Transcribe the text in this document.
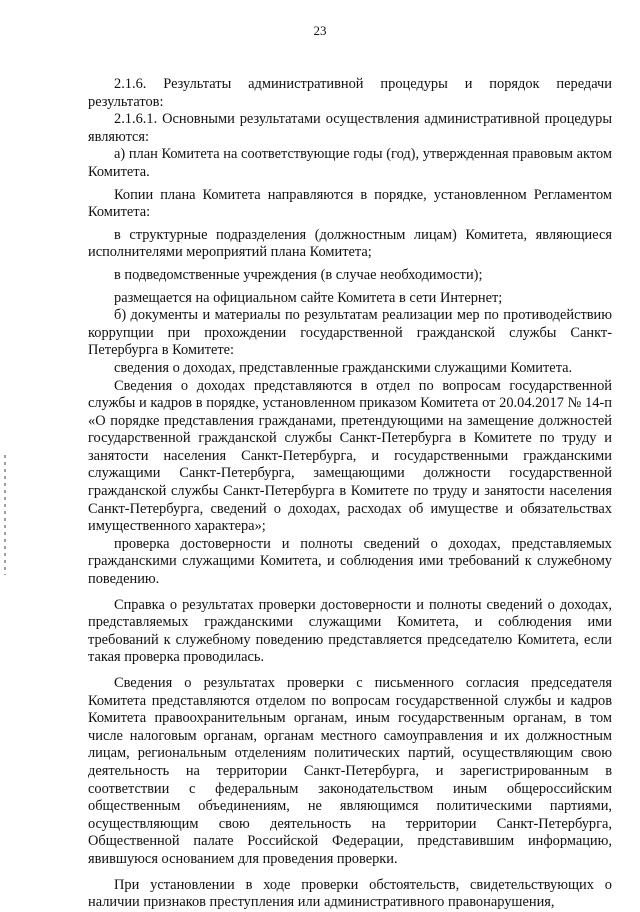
23

2.1.6. Результаты административной процедуры и порядок передачи результатов:

2.1.6.1. Основными результатами осуществления административной процедуры являются:

а) план Комитета на соответствующие годы (год), утвержденная правовым актом Комитета.

Копии плана Комитета направляются в порядке, установленном Регламентом Комитета:

в структурные подразделения (должностным лицам) Комитета, являющиеся исполнителями мероприятий плана Комитета;

в подведомственные учреждения (в случае необходимости);

размещается на официальном сайте Комитета в сети Интернет;

б) документы и материалы по результатам реализации мер по противодействию коррупции при прохождении государственной гражданской службы Санкт-Петербурга в Комитете:

сведения о доходах, представленные гражданскими служащими Комитета.

Сведения о доходах представляются в отдел по вопросам государственной службы и кадров в порядке, установленном приказом Комитета от 20.04.2017 № 14-п «О порядке представления гражданами, претендующими на замещение должностей государственной гражданской службы Санкт-Петербурга в Комитете по труду и занятости населения Санкт-Петербурга, и государственными гражданскими служащими Санкт-Петербурга, замещающими должности государственной гражданской службы Санкт-Петербурга в Комитете по труду и занятости населения Санкт-Петербурга, сведений о доходах, расходах об имуществе и обязательствах имущественного характера»;

проверка достоверности и полноты сведений о доходах, представляемых гражданскими служащими Комитета, и соблюдения ими требований к служебному поведению.

Справка о результатах проверки достоверности и полноты сведений о доходах, представляемых гражданскими служащими Комитета, и соблюдения ими требований к служебному поведению представляется председателю Комитета, если такая проверка проводилась.

Сведения о результатах проверки с письменного согласия председателя Комитета представляются отделом по вопросам государственной службы и кадров Комитета правоохранительным органам, иным государственным органам, в том числе налоговым органам, органам местного самоуправления и их должностным лицам, региональным отделениям политических партий, осуществляющим свою деятельность на территории Санкт-Петербурга, и зарегистрированным в соответствии с федеральным законодательством иным общероссийским общественным объединениям, не являющимся политическими партиями, осуществляющим свою деятельность на территории Санкт-Петербурга, Общественной палате Российской Федерации, представившим информацию, явившуюся основанием для проведения проверки.

При установлении в ходе проверки обстоятельств, свидетельствующих о наличии признаков преступления или административного правонарушения,
